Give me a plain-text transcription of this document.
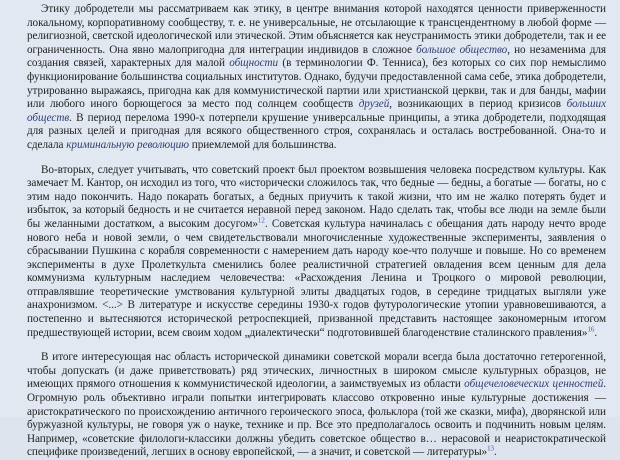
Этику добродетели мы рассматриваем как этику, в центре внимания которой находятся ценности приверженности локальному, корпоративному сообществу, т. е. не универсальные, не отсылающие к трансцендентному в любой форме — религиозной, светской идеологической или этической. Этим объясняется как неустранимость этики добродетели, так и ее ограниченность. Она явно малопригодна для интеграции индивидов в сложное большое общество, но незаменима для создания связей, характерных для малой общности (в терминологии Ф. Тенниса), без которых со сих пор немыслимо функционирование большинства социальных институтов. Однако, будучи предоставленной сама себе, этика добродетели, утрированно выражаясь, пригодна как для коммунистической партии или христианской церкви, так и для банды, мафии или любого иного борющегося за место под солнцем сообществ друзей, возникающих в период кризисов больших обществ. В период перелома 1990-х потерпели крушение универсальные принципы, а этика добродетели, подходящая для разных целей и пригодная для всякого общественного строя, сохранялась и осталась востребованной. Она-то и сделала криминальную революцию приемлемой для большинства.

Во-вторых, следует учитывать, что советский проект был проектом возвышения человека посредством культуры. Как замечает М. Кантор, он исходил из того, что «исторически сложилось так, что бедные — бедны, а богатые — богаты, но с этим надо покончить. Надо покарать богатых, а бедных приучить к такой жизни, что им не жалко потерять будет и избыток, за который бедность и не считается неравной перед законом. Надо сделать так, чтобы все люди на земле были бы желанными достатком, а высоким досугом»$^{12}$. Советская культура начиналась с обещания дать народу нечто вроде нового неба и новой земли, о чем свидетельствовали многочисленные художественные эксперименты, заявления о сбрасывании Пушкина с корабля современности с намерением дать народу кое-что получше и повыше. Но со временем эксперименты в духе Пролеткульта сменились более реалистичной стратегией овладения всем ценным для дела коммунизма культурным наследием человечества: «Расхождения Ленина и Троцкого о мировой революции, отправлявшие теоретические умствования культурной элиты двадцатых годов, в середине тридцатых выгляли уже анахронизмом. <...> В литературе и искусстве середины 1930-х годов футурологические утопии уравновешиваются, а постепенно и вытесняются исторической ретроспекцией, призванной представить настоящее закономерным итогом предшествующей истории, всем своим ходом „диалектически“ подготовившей благоденствие сталинского правления»$^{16}$.

В итоге интересующая нас область исторической динамики советской морали всегда была достаточно гетерогенной, чтобы допускать (и даже приветствовать) ряд этических, личностных в широком смысле культурных образцов, не имеющих прямого отношения к коммунистической идеологии, а заимствуемых из области общечеловеческих ценностей. Огромную роль объективно играли попытки интегрировать классово откровенно иные культурные достижения — аристократического по происхождению античного героического эпоса, фольклора (той же сказки, мифа), дворянской или буржуазной культуры, не говоря уж о науке, технике и пр. Все это предполагалось освоить и подчинить новым целям. Например, «советские филологи-классики должны убедить советское общество в… нерасовой и неаристократической специфике произведений, легших в основу европейской, — а значит, и советской — литературы»$^{13}$.
